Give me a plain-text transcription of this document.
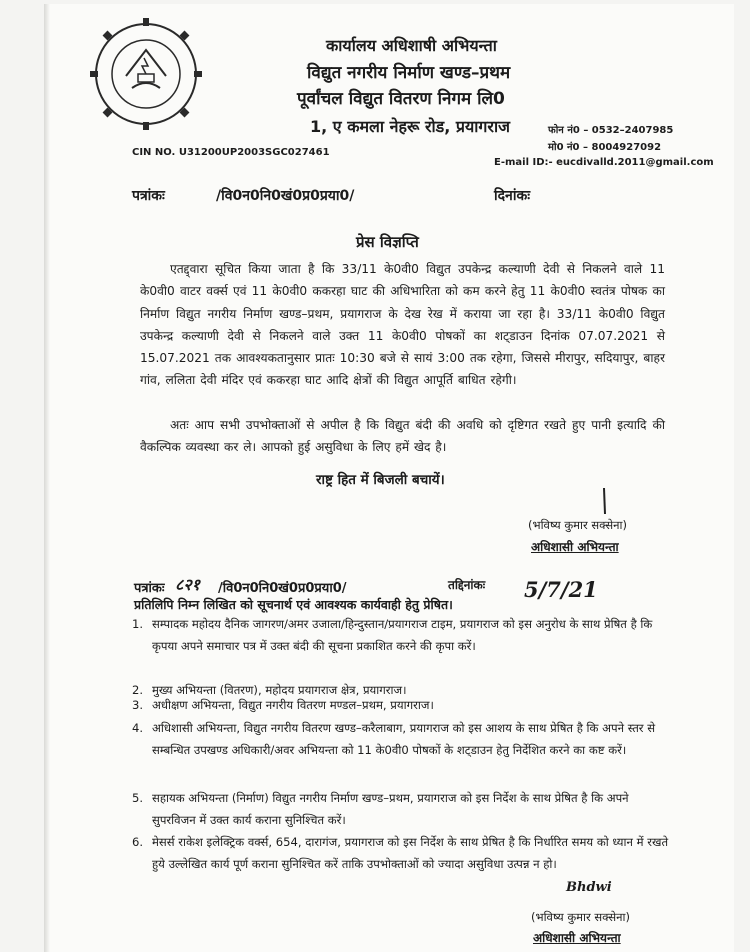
कार्यालय अधिशाषी अभियन्ता
विद्युत नगरीय निर्माण खण्ड–प्रथम
पूर्वांचल विद्युत वितरण निगम लि0
1, ए कमला नेहरू रोड, प्रयागराज
CIN NO. U31200UP2003SGC027461
फोन नं0 – 0532–2407985
मो0 नं0 – 8004927092
E-mail ID:- eucdivalld.2011@gmail.com
पत्रांकः	/वि0न0नि0खं0प्र0प्रया0/	दिनांकः
प्रेस विज्ञप्ति
एतद्द्वारा सूचित किया जाता है कि 33/11 के0वी0 विद्युत उपकेन्द्र कल्याणी देवी से निकलने वाले 11 के0वी0 वाटर वर्क्स एवं 11 के0वी0 ककरहा घाट की अधिभारिता को कम करने हेतु 11 के0वी0 स्वतंत्र पोषक का निर्माण विद्युत नगरीय निर्माण खण्ड–प्रथम, प्रयागराज के देख रेख में कराया जा रहा है। 33/11 के0वी0 विद्युत उपकेन्द्र कल्याणी देवी से निकलने वाले उक्त 11 के0वी0 पोषकों का शट्डाउन दिनांक 07.07.2021 से 15.07.2021 तक आवश्यकतानुसार प्रातः 10:30 बजे से सायं 3:00 तक रहेगा, जिससे मीरापुर, सदियापुर, बाहर गांव, ललिता देवी मंदिर एवं ककरहा घाट आदि क्षेत्रों की विद्युत आपूर्ति बाधित रहेगी।
अतः आप सभी उपभोक्ताओं से अपील है कि विद्युत बंदी की अवधि को दृष्टिगत रखते हुए पानी इत्यादि की वैकल्पिक व्यवस्था कर ले। आपको हुई असुविधा के लिए हमें खेद है।
राष्ट्र हित में बिजली बचायें।
(भविष्य कुमार सक्सेना)
अधिशासी अभियन्ता
पत्रांकः ८२१ /वि0न0नि0खं0प्र0प्रया0/	तद्दिनांकः 5/7/21
प्रतिलिपि निम्न लिखित को सूचनार्थ एवं आवश्यक कार्यवाही हेतु प्रेषित।
1. सम्पादक महोदय दैनिक जागरण/अमर उजाला/हिन्दुस्तान/प्रयागराज टाइम, प्रयागराज को इस अनुरोध के साथ प्रेषित है कि कृपया अपने समाचार पत्र में उक्त बंदी की सूचना प्रकाशित करने की कृपा करें।
2. मुख्य अभियन्ता (वितरण), महोदय प्रयागराज क्षेत्र, प्रयागराज।
3. अधीक्षण अभियन्ता, विद्युत नगरीय वितरण मण्डल–प्रथम, प्रयागराज।
4. अधिशासी अभियन्ता, विद्युत नगरीय वितरण खण्ड–करैलाबाग, प्रयागराज को इस आशय के साथ प्रेषित है कि अपने स्तर से सम्बन्धित उपखण्ड अधिकारी/अवर अभियन्ता को 11 के0वी0 पोषकों के शट्डाउन हेतु निर्देशित करने का कष्ट करें।
5. सहायक अभियन्ता (निर्माण) विद्युत नगरीय निर्माण खण्ड–प्रथम, प्रयागराज को इस निर्देश के साथ प्रेषित है कि अपने सुपरविजन में उक्त कार्य कराना सुनिश्चित करें।
6. मेसर्स राकेश इलेक्ट्रिक वर्क्स, 654, दारागंज, प्रयागराज को इस निर्देश के साथ प्रेषित है कि निर्धारित समय को ध्यान में रखते हुये उल्लेखित कार्य पूर्ण कराना सुनिश्चित करें ताकि उपभोक्ताओं को ज्यादा असुविधा उत्पन्न न हो।
Bhdwi
(भविष्य कुमार सक्सेना)
अधिशासी अभियन्ता
